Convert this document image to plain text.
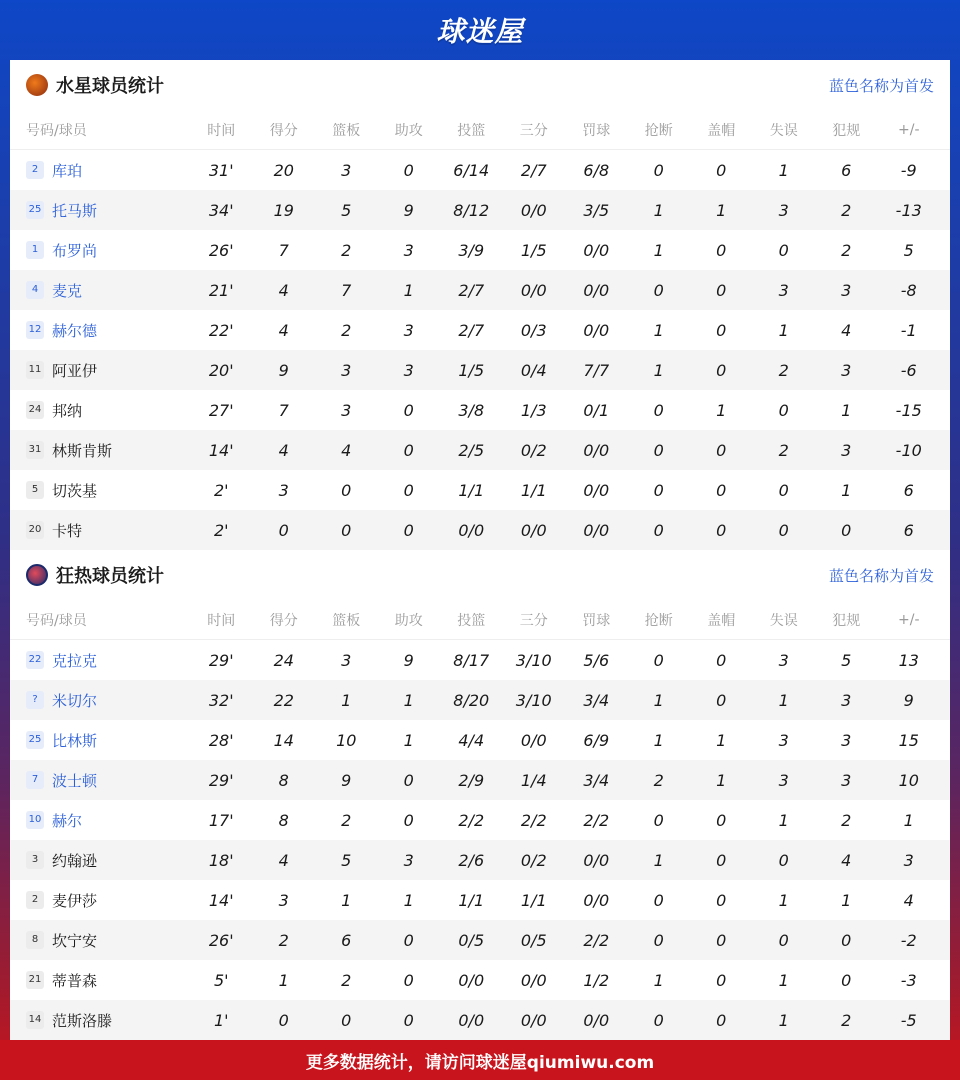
球迷屋
水星球员统计	蓝色名称为首发
号码/球员	时间	得分	篮板	助攻	投篮	三分	罚球	抢断	盖帽	失误	犯规	+/-
2 库珀	31'	20	3	0	6/14	2/7	6/8	0	0	1	6	-9
25 托马斯	34'	19	5	9	8/12	0/0	3/5	1	1	3	2	-13
1 布罗尚	26'	7	2	3	3/9	1/5	0/0	1	0	0	2	5
4 麦克	21'	4	7	1	2/7	0/0	0/0	0	0	3	3	-8
12 赫尔德	22'	4	2	3	2/7	0/3	0/0	1	0	1	4	-1
11 阿亚伊	20'	9	3	3	1/5	0/4	7/7	1	0	2	3	-6
24 邦纳	27'	7	3	0	3/8	1/3	0/1	0	1	0	1	-15
31 林斯肯斯	14'	4	4	0	2/5	0/2	0/0	0	0	2	3	-10
5 切茨基	2'	3	0	0	1/1	1/1	0/0	0	0	0	1	6
20 卡特	2'	0	0	0	0/0	0/0	0/0	0	0	0	0	6
狂热球员统计	蓝色名称为首发
号码/球员	时间	得分	篮板	助攻	投篮	三分	罚球	抢断	盖帽	失误	犯规	+/-
22 克拉克	29'	24	3	9	8/17	3/10	5/6	0	0	3	5	13
? 米切尔	32'	22	1	1	8/20	3/10	3/4	1	0	1	3	9
25 比林斯	28'	14	10	1	4/4	0/0	6/9	1	1	3	3	15
7 波士顿	29'	8	9	0	2/9	1/4	3/4	2	1	3	3	10
10 赫尔	17'	8	2	0	2/2	2/2	2/2	0	0	1	2	1
3 约翰逊	18'	4	5	3	2/6	0/2	0/0	1	0	0	4	3
2 麦伊莎	14'	3	1	1	1/1	1/1	0/0	0	0	1	1	4
8 坎宁安	26'	2	6	0	0/5	0/5	2/2	0	0	0	0	-2
21 蒂普森	5'	1	2	0	0/0	0/0	1/2	1	0	1	0	-3
14 范斯洛滕	1'	0	0	0	0/0	0/0	0/0	0	0	1	2	-5
更多数据统计，请访问球迷屋qiumiwu.com
